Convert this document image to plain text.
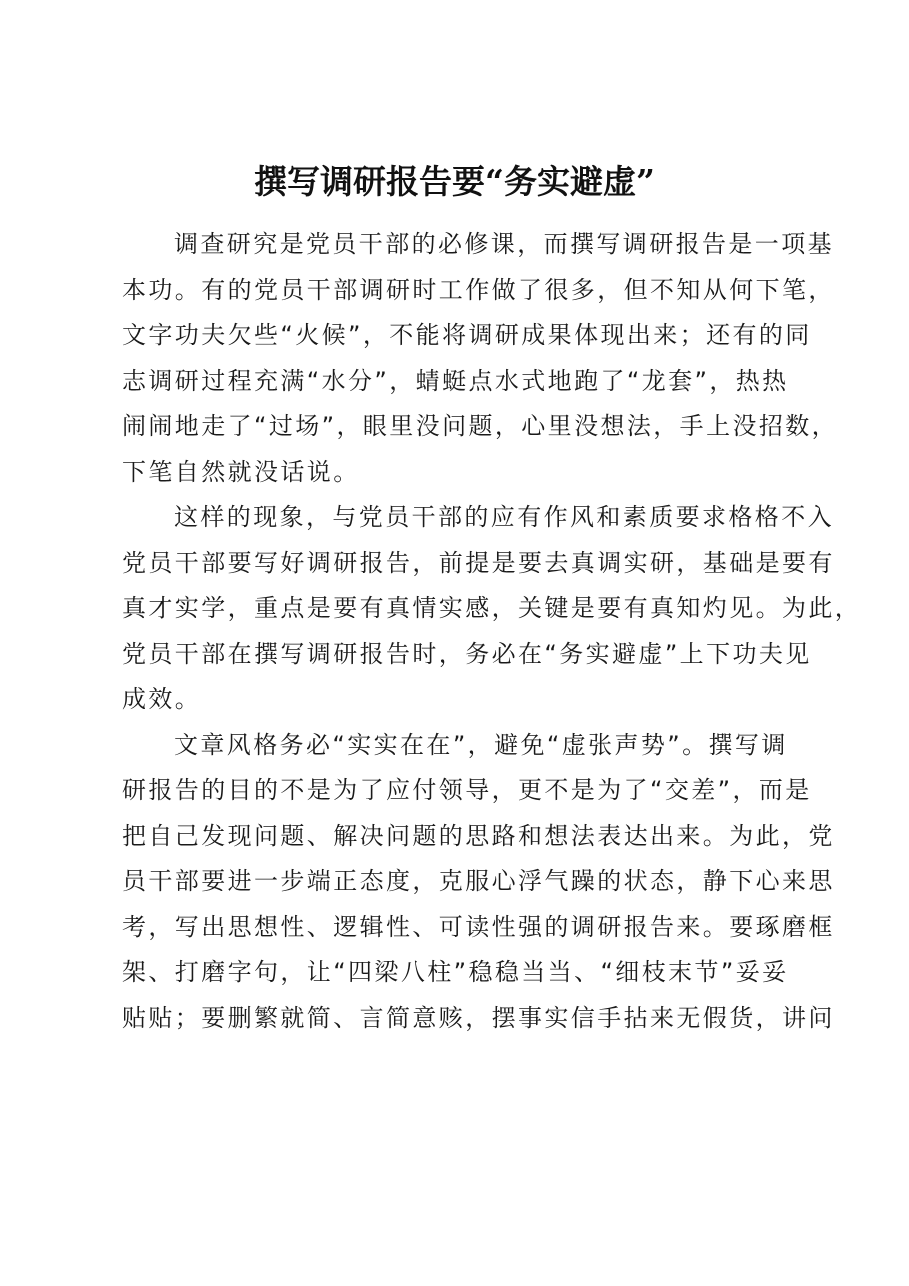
撰写调研报告要“务实避虚”

调查研究是党员干部的必修课，而撰写调研报告是一项基
本功。有的党员干部调研时工作做了很多，但不知从何下笔，
文字功夫欠些“火候”，不能将调研成果体现出来；还有的同
志调研过程充满“水分”，蜻蜓点水式地跑了“龙套”，热热
闹闹地走了“过场”，眼里没问题，心里没想法，手上没招数，
下笔自然就没话说。

这样的现象，与党员干部的应有作风和素质要求格格不入
党员干部要写好调研报告，前提是要去真调实研，基础是要有
真才实学，重点是要有真情实感，关键是要有真知灼见。为此，
党员干部在撰写调研报告时，务必在“务实避虚”上下功夫见
成效。

文章风格务必“实实在在”，避免“虚张声势”。撰写调
研报告的目的不是为了应付领导，更不是为了“交差”，而是
把自己发现问题、解决问题的思路和想法表达出来。为此，党
员干部要进一步端正态度，克服心浮气躁的状态，静下心来思
考，写出思想性、逻辑性、可读性强的调研报告来。要琢磨框
架、打磨字句，让“四梁八柱”稳稳当当、“细枝末节”妥妥
贴贴；要删繁就简、言简意赅，摆事实信手拈来无假货，讲问
